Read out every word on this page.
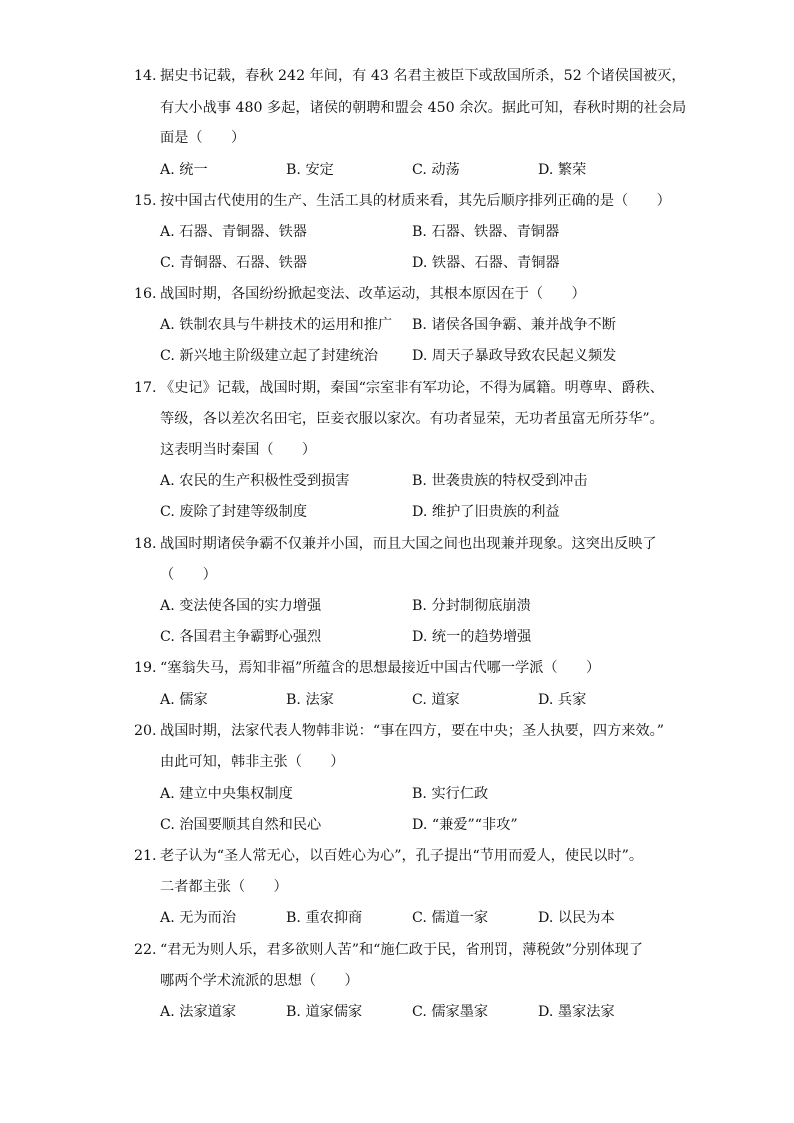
14. 据史书记载，春秋 242 年间，有 43 名君主被臣下或敌国所杀，52 个诸侯国被灭，
有大小战事 480 多起，诸侯的朝聘和盟会 450 余次。据此可知，春秋时期的社会局
面是（　　）
A. 统一	B. 安定	C. 动荡	D. 繁荣
15. 按中国古代使用的生产、生活工具的材质来看，其先后顺序排列正确的是（　　）
A. 石器、青铜器、铁器	B. 石器、铁器、青铜器
C. 青铜器、石器、铁器	D. 铁器、石器、青铜器
16. 战国时期，各国纷纷掀起变法、改革运动，其根本原因在于（　　）
A. 铁制农具与牛耕技术的运用和推广 B. 诸侯各国争霸、兼并战争不断
C. 新兴地主阶级建立起了封建统治 D. 周天子暴政导致农民起义频发
17. 《史记》记载，战国时期，秦国“宗室非有军功论，不得为属籍。明尊卑、爵秩、
等级，各以差次名田宅，臣妾衣服以家次。有功者显荣，无功者虽富无所芬华”。
这表明当时秦国（　　）
A. 农民的生产积极性受到损害	B. 世袭贵族的特权受到冲击
C. 废除了封建等级制度	D. 维护了旧贵族的利益
18. 战国时期诸侯争霸不仅兼并小国，而且大国之间也出现兼并现象。这突出反映了
（　　）
A. 变法使各国的实力增强	B. 分封制彻底崩溃
C. 各国君主争霸野心强烈	D. 统一的趋势增强
19. “塞翁失马，焉知非福”所蕴含的思想最接近中国古代哪一学派（　　）
A. 儒家	B. 法家	C. 道家	D. 兵家
20. 战国时期，法家代表人物韩非说：“事在四方，要在中央；圣人执要，四方来效。”
由此可知，韩非主张（　　）
A. 建立中央集权制度	B. 实行仁政
C. 治国要顺其自然和民心	D. “兼爱”“非攻”
21. 老子认为“圣人常无心，以百姓心为心”，孔子提出“节用而爱人，使民以时”。
二者都主张（　　）
A. 无为而治	B. 重农抑商	C. 儒道一家	D. 以民为本
22. “君无为则人乐，君多欲则人苦”和“施仁政于民，省刑罚，薄税敛”分别体现了
哪两个学术流派的思想（　　）
A. 法家道家	B. 道家儒家	C. 儒家墨家	D. 墨家法家
